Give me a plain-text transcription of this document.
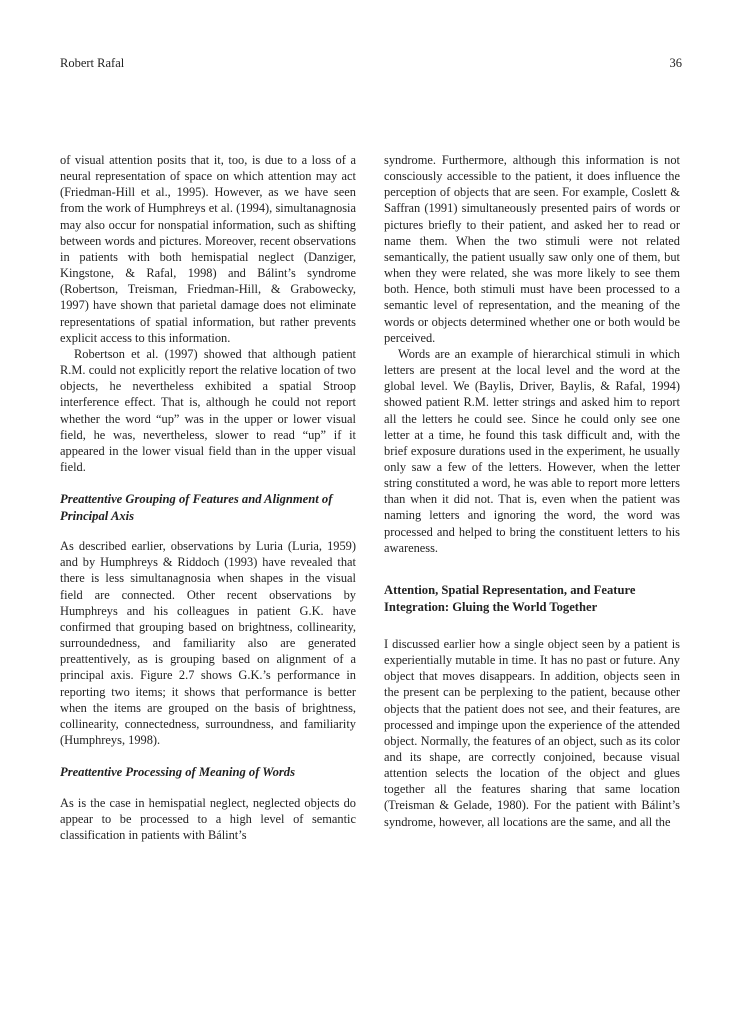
Robert Rafal	36

of visual attention posits that it, too, is due to a loss of a neural representation of space on which attention may act (Friedman-Hill et al., 1995). However, as we have seen from the work of Humphreys et al. (1994), simultanagnosia may also occur for nonspatial information, such as shifting between words and pictures. Moreover, recent observations in patients with both hemispatial neglect (Danziger, Kingstone, & Rafal, 1998) and Bálint’s syndrome (Robertson, Treisman, Friedman-Hill, & Grabowecky, 1997) have shown that parietal damage does not eliminate representations of spatial information, but rather prevents explicit access to this information.

Robertson et al. (1997) showed that although patient R.M. could not explicitly report the relative location of two objects, he nevertheless exhibited a spatial Stroop interference effect. That is, although he could not report whether the word “up” was in the upper or lower visual field, he was, nevertheless, slower to read “up” if it appeared in the lower visual field than in the upper visual field.

Preattentive Grouping of Features and Alignment of Principal Axis

As described earlier, observations by Luria (Luria, 1959) and by Humphreys & Riddoch (1993) have revealed that there is less simultanagnosia when shapes in the visual field are connected. Other recent observations by Humphreys and his colleagues in patient G.K. have confirmed that grouping based on brightness, collinearity, surroundedness, and familiarity also are generated preattentively, as is grouping based on alignment of a principal axis. Figure 2.7 shows G.K.’s performance in reporting two items; it shows that performance is better when the items are grouped on the basis of brightness, collinearity, connectedness, surroundness, and familiarity (Humphreys, 1998).

Preattentive Processing of Meaning of Words

As is the case in hemispatial neglect, neglected objects do appear to be processed to a high level of semantic classification in patients with Bálint’s

syndrome. Furthermore, although this information is not consciously accessible to the patient, it does influence the perception of objects that are seen. For example, Coslett & Saffran (1991) simultaneously presented pairs of words or pictures briefly to their patient, and asked her to read or name them. When the two stimuli were not related semantically, the patient usually saw only one of them, but when they were related, she was more likely to see them both. Hence, both stimuli must have been processed to a semantic level of representation, and the meaning of the words or objects determined whether one or both would be perceived.

Words are an example of hierarchical stimuli in which letters are present at the local level and the word at the global level. We (Baylis, Driver, Baylis, & Rafal, 1994) showed patient R.M. letter strings and asked him to report all the letters he could see. Since he could only see one letter at a time, he found this task difficult and, with the brief exposure durations used in the experiment, he usually only saw a few of the letters. However, when the letter string constituted a word, he was able to report more letters than when it did not. That is, even when the patient was naming letters and ignoring the word, the word was processed and helped to bring the constituent letters to his awareness.

Attention, Spatial Representation, and Feature Integration: Gluing the World Together

I discussed earlier how a single object seen by a patient is experientially mutable in time. It has no past or future. Any object that moves disappears. In addition, objects seen in the present can be perplexing to the patient, because other objects that the patient does not see, and their features, are processed and impinge upon the experience of the attended object. Normally, the features of an object, such as its color and its shape, are correctly conjoined, because visual attention selects the location of the object and glues together all the features sharing that same location (Treisman & Gelade, 1980). For the patient with Bálint’s syndrome, however, all locations are the same, and all the
